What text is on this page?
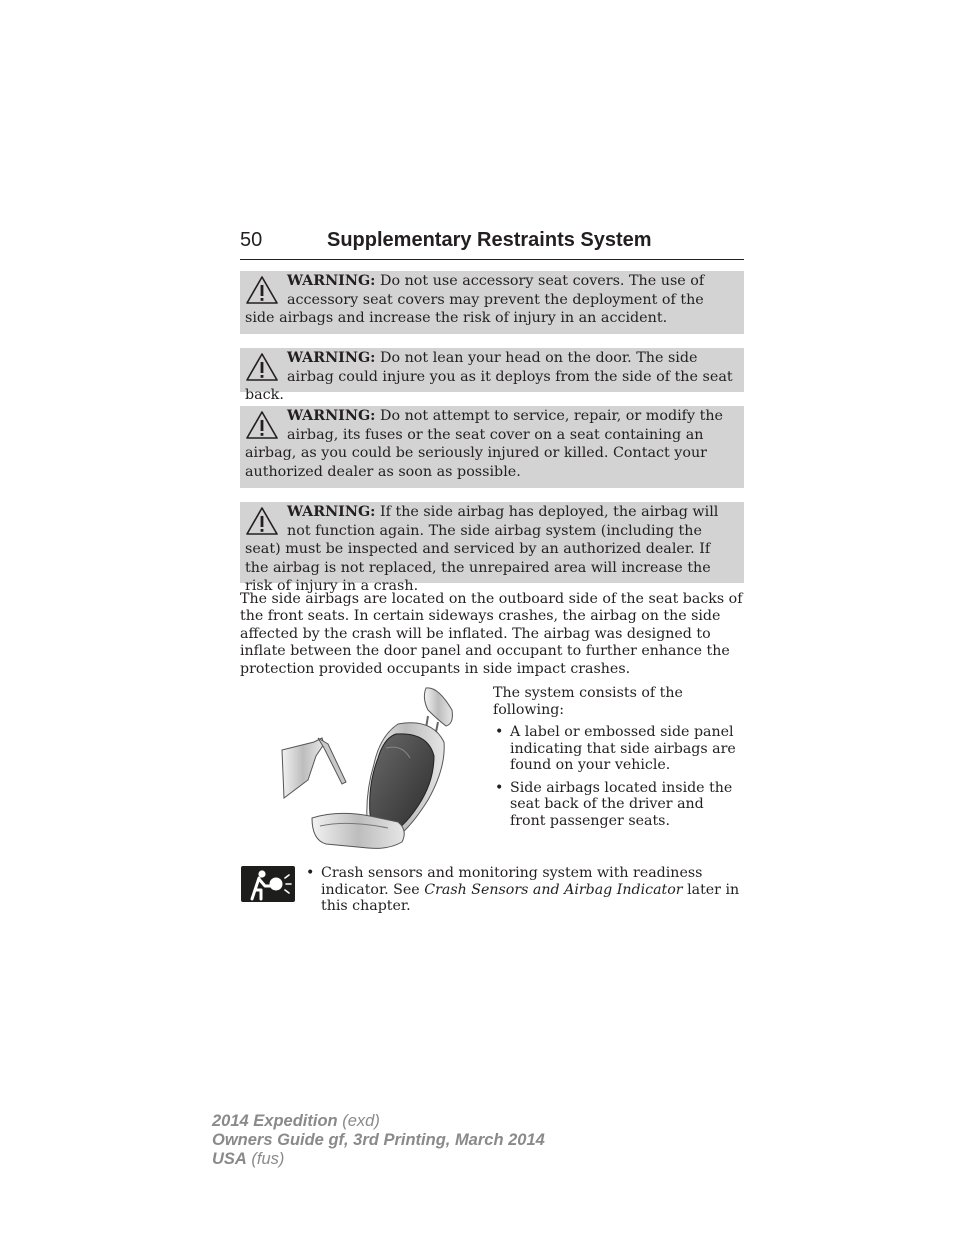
50	Supplementary Restraints System
WARNING: Do not use accessory seat covers. The use of accessory seat covers may prevent the deployment of the side airbags and increase the risk of injury in an accident.
WARNING: Do not lean your head on the door. The side airbag could injure you as it deploys from the side of the seat back.
WARNING: Do not attempt to service, repair, or modify the airbag, its fuses or the seat cover on a seat containing an airbag, as you could be seriously injured or killed. Contact your authorized dealer as soon as possible.
WARNING: If the side airbag has deployed, the airbag will not function again. The side airbag system (including the seat) must be inspected and serviced by an authorized dealer. If the airbag is not replaced, the unrepaired area will increase the risk of injury in a crash.

The side airbags are located on the outboard side of the seat backs of the front seats. In certain sideways crashes, the airbag on the side affected by the crash will be inflated. The airbag was designed to inflate between the door panel and occupant to further enhance the protection provided occupants in side impact crashes.

The system consists of the following:

• A label or embossed side panel indicating that side airbags are found on your vehicle.
• Side airbags located inside the seat back of the driver and front passenger seats.
• Crash sensors and monitoring system with readiness indicator. See Crash Sensors and Airbag Indicator later in this chapter.
2014 Expedition (exd)
Owners Guide gf, 3rd Printing, March 2014
USA (fus)
